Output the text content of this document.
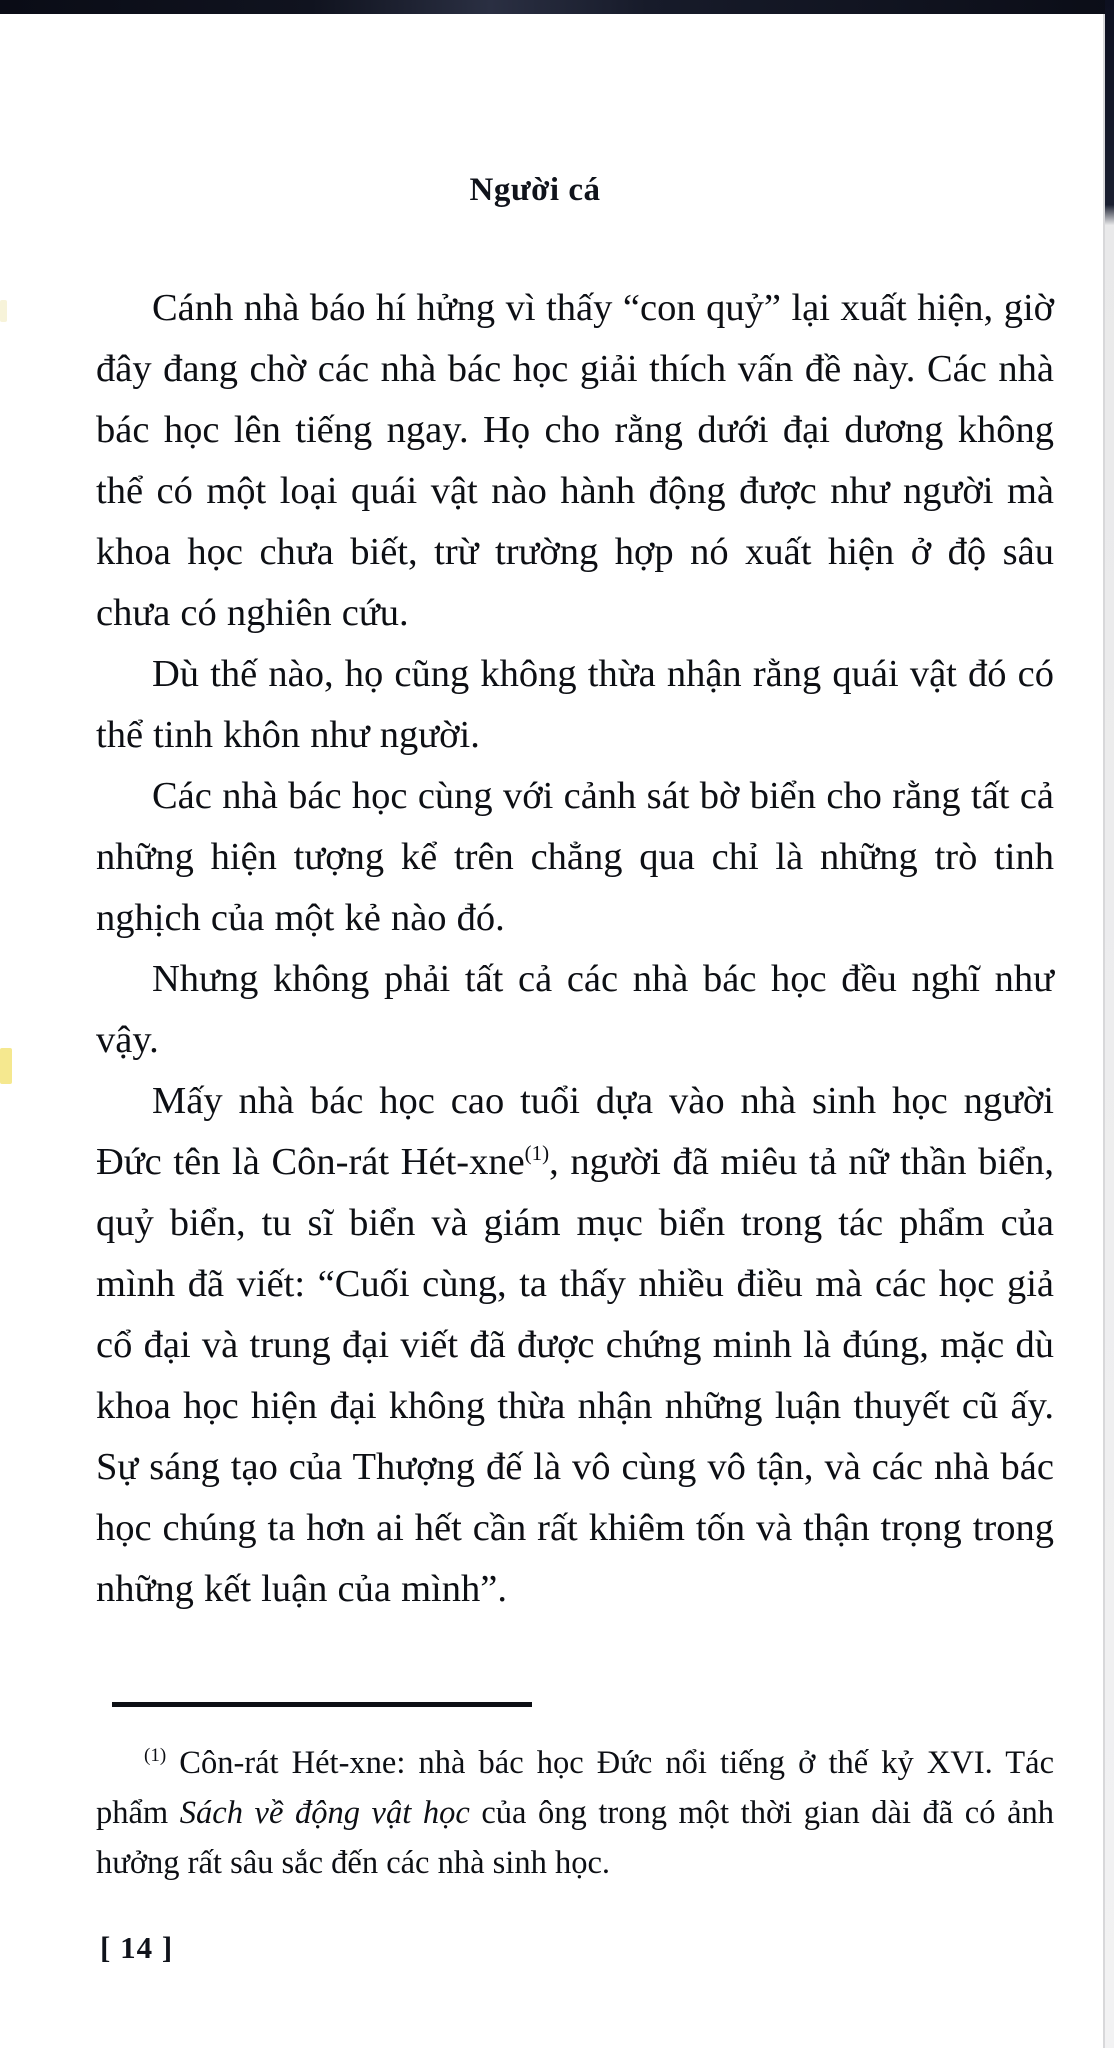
Người cá

Cánh nhà báo hí hửng vì thấy “con quỷ” lại xuất hiện, giờ đây đang chờ các nhà bác học giải thích vấn đề này. Các nhà bác học lên tiếng ngay. Họ cho rằng dưới đại dương không thể có một loại quái vật nào hành động được như người mà khoa học chưa biết, trừ trường hợp nó xuất hiện ở độ sâu chưa có nghiên cứu.

Dù thế nào, họ cũng không thừa nhận rằng quái vật đó có thể tinh khôn như người.

Các nhà bác học cùng với cảnh sát bờ biển cho rằng tất cả những hiện tượng kể trên chẳng qua chỉ là những trò tinh nghịch của một kẻ nào đó.

Nhưng không phải tất cả các nhà bác học đều nghĩ như vậy.

Mấy nhà bác học cao tuổi dựa vào nhà sinh học người Đức tên là Côn-rát Hét-xne$^{(1)}$, người đã miêu tả nữ thần biển, quỷ biển, tu sĩ biển và giám mục biển trong tác phẩm của mình đã viết: “Cuối cùng, ta thấy nhiều điều mà các học giả cổ đại và trung đại viết đã được chứng minh là đúng, mặc dù khoa học hiện đại không thừa nhận những luận thuyết cũ ấy. Sự sáng tạo của Thượng đế là vô cùng vô tận, và các nhà bác học chúng ta hơn ai hết cần rất khiêm tốn và thận trọng trong những kết luận của mình”.

$^{(1)}$ Côn-rát Hét-xne: nhà bác học Đức nổi tiếng ở thế kỷ XVI. Tác phẩm Sách về động vật học của ông trong một thời gian dài đã có ảnh hưởng rất sâu sắc đến các nhà sinh học.

[ 14 ]
